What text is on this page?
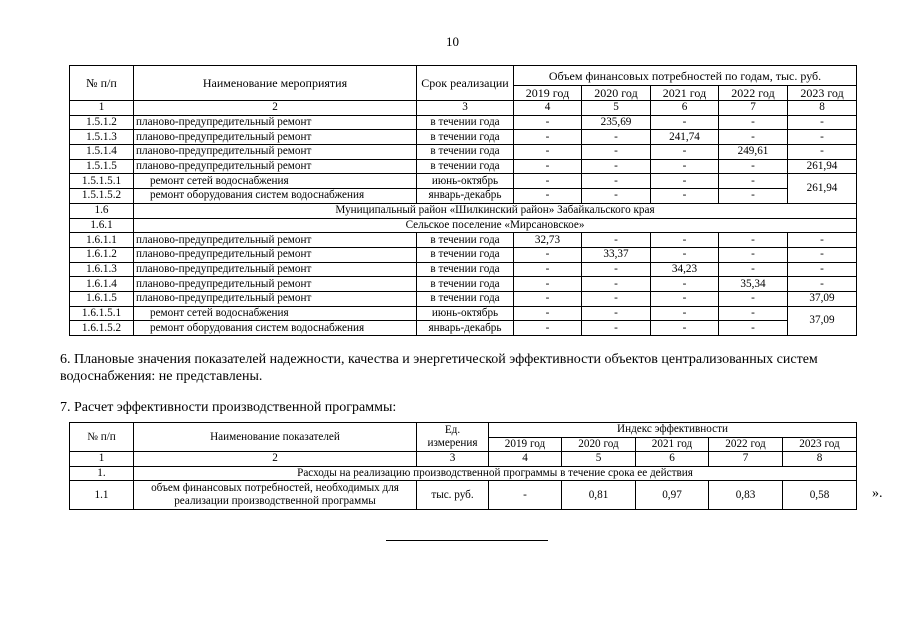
10
№ п/п	Наименование мероприятия	Срок реализации	Объем финансовых потребностей по годам, тыс. руб.				
			2019 год	2020 год	2021 год	2022 год	2023 год
1	2	3	4	5	6	7	8
1.5.1.2	планово-предупредительный ремонт	в течении года	-	235,69	-	-	-
1.5.1.3	планово-предупредительный ремонт	в течении года	-	-	241,74	-	-
1.5.1.4	планово-предупредительный ремонт	в течении года	-	-	-	249,61	-
1.5.1.5	планово-предупредительный ремонт	в течении года	-	-	-	-	261,94
1.5.1.5.1	ремонт сетей водоснабжения	июнь-октябрь	-	-	-	-	261,94
1.5.1.5.2	ремонт оборудования систем водоснабжения	январь-декабрь	-	-	-	-	
1.6	Муниципальный район «Шилкинский район» Забайкальского края						
1.6.1	Сельское поселение «Мирсановское»						
1.6.1.1	планово-предупредительный ремонт	в течении года	32,73	-	-	-	-
1.6.1.2	планово-предупредительный ремонт	в течении года	-	33,37	-	-	-
1.6.1.3	планово-предупредительный ремонт	в течении года	-	-	34,23	-	-
1.6.1.4	планово-предупредительный ремонт	в течении года	-	-	-	35,34	-
1.6.1.5	планово-предупредительный ремонт	в течении года	-	-	-	-	37,09
1.6.1.5.1	ремонт сетей водоснабжения	июнь-октябрь	-	-	-	-	37,09
1.6.1.5.2	ремонт оборудования систем водоснабжения	январь-декабрь	-	-	-	-	
6. Плановые значения показателей надежности, качества и энергетической эффективности объектов централизованных систем водоснабжения: не представлены.
7. Расчет эффективности производственной программы:
№ п/п	Наименование показателей	Ед. измерения	Индекс эффективности				
			2019 год	2020 год	2021 год	2022 год	2023 год
1	2	3	4	5	6	7	8
1.	Расходы на реализацию производственной программы в течение срока ее действия						
1.1	объем финансовых потребностей, необходимых для реализации производственной программы	тыс. руб.	-	0,81	0,97	0,83	0,58	».
